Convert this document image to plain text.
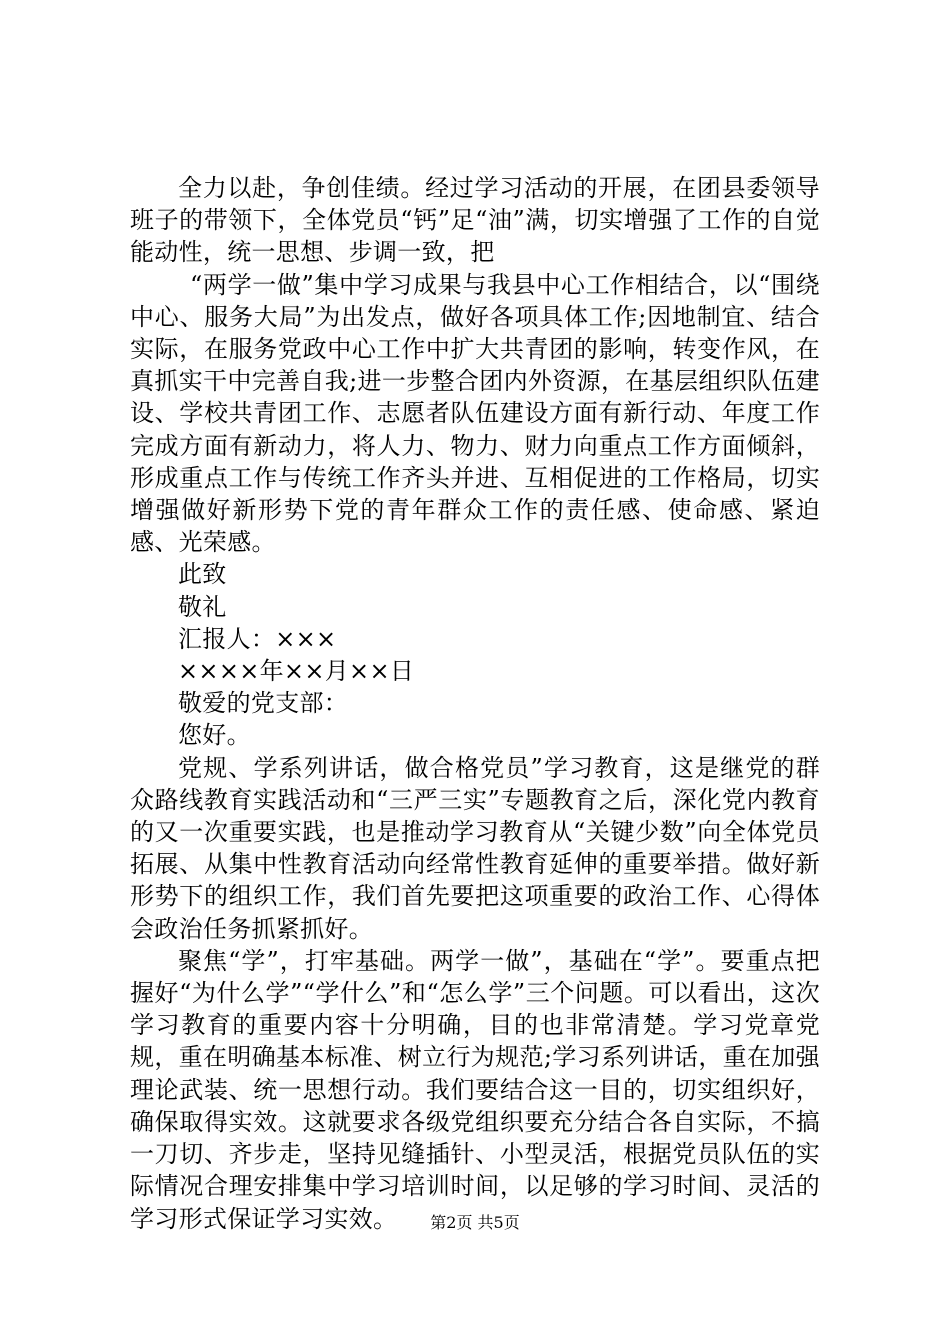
全力以赴，争创佳绩。经过学习活动的开展，在团县委领导班子的带领下，全体党员“钙”足“油”满，切实增强了工作的自觉能动性，统一思想、步调一致，把

“两学一做”集中学习成果与我县中心工作相结合，以“围绕中心、服务大局”为出发点，做好各项具体工作;因地制宜、结合实际，在服务党政中心工作中扩大共青团的影响，转变作风，在真抓实干中完善自我;进一步整合团内外资源，在基层组织队伍建设、学校共青团工作、志愿者队伍建设方面有新行动、年度工作完成方面有新动力，将人力、物力、财力向重点工作方面倾斜，形成重点工作与传统工作齐头并进、互相促进的工作格局，切实增强做好新形势下党的青年群众工作的责任感、使命感、紧迫感、光荣感。

此致

敬礼

汇报人：×××

××××年××月××日

敬爱的党支部：

您好。

党规、学系列讲话，做合格党员”学习教育，这是继党的群众路线教育实践活动和“三严三实”专题教育之后，深化党内教育的又一次重要实践，也是推动学习教育从“关键少数”向全体党员拓展、从集中性教育活动向经常性教育延伸的重要举措。做好新形势下的组织工作，我们首先要把这项重要的政治工作、心得体会政治任务抓紧抓好。

聚焦“学”，打牢基础。两学一做”，基础在“学”。要重点把握好“为什么学”“学什么”和“怎么学”三个问题。可以看出，这次学习教育的重要内容十分明确，目的也非常清楚。学习党章党规，重在明确基本标准、树立行为规范;学习系列讲话，重在加强理论武装、统一思想行动。我们要结合这一目的，切实组织好，确保取得实效。这就要求各级党组织要充分结合各自实际，不搞一刀切、齐步走，坚持见缝插针、小型灵活，根据党员队伍的实际情况合理安排集中学习培训时间，以足够的学习时间、灵活的学习形式保证学习实效。	第2页 共5页
